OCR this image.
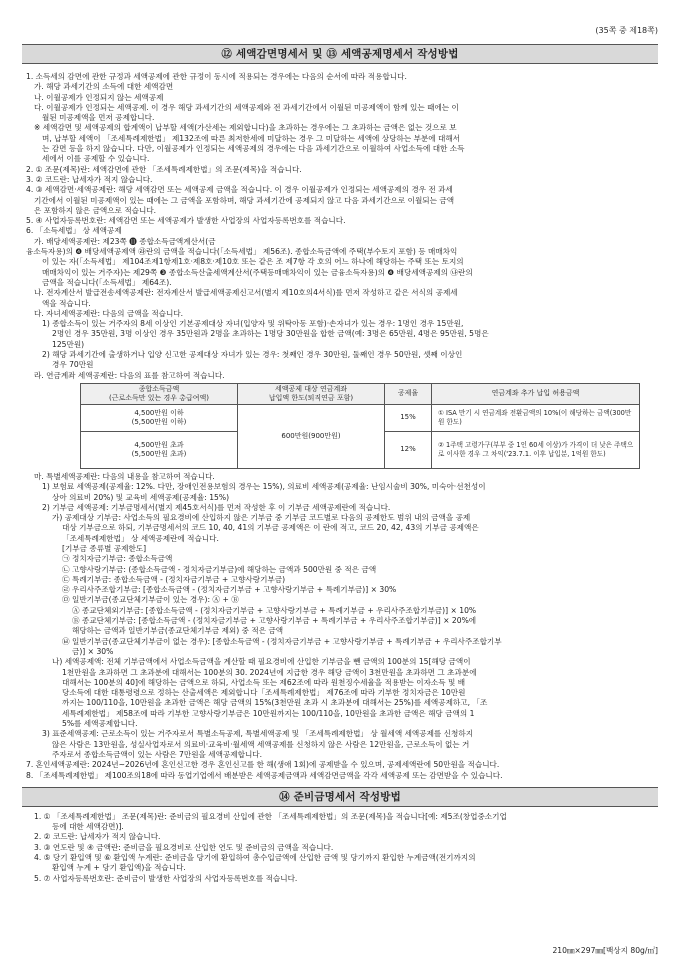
(35쪽 중 제18쪽)
⑫ 세액감면명세서 및 ⑬ 세액공제명세서 작성방법
1. 소득세의 감면에 관한 규정과 세액공제에 관한 규정이 동시에 적용되는 경우에는 다음의 순서에 따라 적용합니다.
가. 해당 과세기간의 소득에 대한 세액감면
나. 이월공제가 인정되지 않는 세액공제
다. 이월공제가 인정되는 세액공제. 이 경우 해당 과세기간의 세액공제와 전 과세기간에서 이월된 미공제액이 함께 있는 때에는 이
월된 미공제액을 먼저 공제합니다.
※ 세액감면 및 세액공제의 합계액이 납부할 세액(가산세는 제외합니다)을 초과하는 경우에는 그 초과하는 금액은 없는 것으로 보
며, 납부할 세액이 「조세특례제한법」 제132조에 따른 최저한세에 미달하는 경우 그 미달하는 세액에 상당하는 부분에 대해서
는 감면 등을 하지 않습니다. 다만, 이월공제가 인정되는 세액공제의 경우에는 다음 과세기간으로 이월하여 사업소득에 대한 소득
세에서 이를 공제할 수 있습니다.
2. ① 조문(제목)란: 세액감면에 관한 「조세특례제한법」의 조문(제목)을 적습니다.
3. ② 코드란: 납세자가 적지 않습니다.
4. ③ 세액감면·세액공제란: 해당 세액감면 또는 세액공제 금액을 적습니다. 이 경우 이월공제가 인정되는 세액공제의 경우 전 과세
기간에서 이월된 미공제액이 있는 때에는 그 금액을 포함하며, 해당 과세기간에 공제되지 않고 다음 과세기간으로 이월되는 금액
은 포함하지 않은 금액으로 적습니다.
5. ④ 사업자등록번호란: 세액감면 또는 세액공제가 발생한 사업장의 사업자등록번호를 적습니다.
6. 「소득세법」 상 세액공제
가. 배당세액공제란: 제23쪽 ⓫ 종합소득금액계산서(금
융소득자용)의 ❹ 배당세액공제액 ㉱란의 금액을 적습니다(「소득세법」 제56조). 종합소득금액에 주택(부수토지 포함) 등 매매차익
이 있는 자(「소득세법」 제104조제1항제1호·제8호·제10호 또는 같은 조 제7항 각 호의 어느 하나에 해당하는 주택 또는 토지의
매매차익이 있는 거주자)는 제29쪽 ❸ 종합소득산출세액계산서(주택등매매차익이 있는 금융소득자용)의 ❹ 배당세액공제의 ㉯란의
금액을 적습니다(「소득세법」 제64조).
나. 전자계산서 발급전송세액공제란: 전자계산서 발급세액공제신고서(별지 제10호의4서식)를 먼저 작성하고 같은 서식의 공제세
액을 적습니다.
다. 자녀세액공제란: 다음의 금액을 적습니다.
1) 종합소득이 있는 거주자의 8세 이상인 기본공제대상 자녀(입양자 및 위탁아동 포함)·손자녀가 있는 경우: 1명인 경우 15만원,
2명인 경우 35만원, 3명 이상인 경우 35만원과 2명을 초과하는 1명당 30만원을 합한 금액(예: 3명은 65만원, 4명은 95만원, 5명은
125만원)
2) 해당 과세기간에 출생하거나 입양 신고한 공제대상 자녀가 있는 경우: 첫째인 경우 30만원, 둘째인 경우 50만원, 셋째 이상인
경우 70만원
라. 연금계좌 세액공제란: 다음의 표를 참고하여 적습니다.
종합소득금액
(근로소득만 있는 경우 총급여액)	세액공제 대상 연금계좌
납입액 한도(퇴직연금 포함)	공제율	연금계좌 추가 납입 허용금액
4,500만원 이하
(5,500만원 이하)	600만원(900만원)	15%	① ISA 만기 시 연금계좌 전환금액의 10%(이 해당하는 금액(300만원 한도)
4,500만원 초과
(5,500만원 초과)		12%	② 1주택 고령가구(부부 중 1인 60세 이상)가 가격이 더 낮은 주택으로 이사한 경우 그 차익('23.7.1. 이후 납입분, 1억원 한도)
마. 특별세액공제란: 다음의 내용을 참고하여 적습니다.
1) 보험료 세액공제(공제율: 12%. 다만, 장애인전용보험의 경우는 15%), 의료비 세액공제(공제율: 난임시술비 30%, 미숙아·선천성이
상아 의료비 20%) 및 교육비 세액공제(공제율: 15%)
2) 기부금 세액공제: 기부금명세서(별지 제45호서식)를 먼저 작성한 후 이 기부금 세액공제란에 적습니다.
가) 공제대상 기부금: 사업소득의 필요경비에 산입하지 않은 기부금 중 기부금 코드별로 다음의 공제한도 범위 내의 금액을 공제
대상 기부금으로 하되, 기부금명세서의 코드 10, 40, 41의 기부금 공제액은 이 란에 적고, 코드 20, 42, 43의 기부금 공제액은
「조세특례제한법」 상 세액공제란에 적습니다.
[기부금 종류별 공제한도]
㉠ 정치자금기부금: 종합소득금액
㉡ 고향사랑기부금: (종합소득금액 - 정치자금기부금)에 해당하는 금액과 500만원 중 적은 금액
㉢ 특례기부금: 종합소득금액 - (정치자금기부금 + 고향사랑기부금)
㉣ 우리사주조합기부금: [종합소득금액 - (정치자금기부금 + 고향사랑기부금 + 특례기부금)] × 30%
㉤ 일반기부금(종교단체기부금이 있는 경우): Ⓐ + Ⓑ
Ⓐ 종교단체외기부금: [종합소득금액 - (정치자금기부금 + 고향사랑기부금 + 특례기부금 + 우리사주조합기부금)] × 10%
Ⓑ 종교단체기부금: [종합소득금액 - (정치자금기부금 + 고향사랑기부금 + 특례기부금 + 우리사주조합기부금)] × 20%에
해당하는 금액과 일반기부금(종교단체기부금 제외) 중 적은 금액
㉥ 일반기부금(종교단체기부금이 없는 경우): [종합소득금액 - (정치자금기부금 + 고향사랑기부금 + 특례기부금 + 우리사주조합기부
금)] × 30%
나) 세액공제액: 전체 기부금액에서 사업소득금액을 계산할 때 필요경비에 산입한 기부금을 뺀 금액의 100분의 15[해당 금액이
1천만원을 초과하면 그 초과분에 대해서는 100분의 30. 2024년에 지급한 경우 해당 금액이 3천만원을 초과하면 그 초과분에
대해서는 100분의 40]에 해당하는 금액으로 하되, 사업소득 또는 제62조에 따라 원천징수세율을 적용받는 이자소득 및 배
당소득에 대한 대통령령으로 정하는 산출세액은 제외합니다「조세특례제한법」 제76조에 따라 기부한 정치자금은 10만원
까지는 100/110을, 10만원을 초과한 금액은 해당 금액의 15%(3천만원 초과 시 초과분에 대해서는 25%)를 세액공제하고, 「조
세특례제한법」 제58조에 따라 기부한 고향사랑기부금은 10만원까지는 100/110을, 10만원을 초과한 금액은 해당 금액의 1
5%를 세액공제합니다.
3) 표준세액공제: 근로소득이 있는 거주자로서 특별소득공제, 특별세액공제 및 「조세특례제한법」 상 월세액 세액공제를 신청하지
않은 사람은 13만원을, 성실사업자로서 의료비·교육비·월세액 세액공제를 신청하지 않은 사람은 12만원을, 근로소득이 없는 거
주자로서 종합소득금액이 있는 사람은 7만원을 세액공제합니다.
7. 혼인세액공제란: 2024년~2026년에 혼인신고한 경우 혼인신고를 한 해(생애 1회)에 공제받을 수 있으며, 공제세액란에 50만원을 적습니다.
8. 「조세특례제한법」 제100조의18에 따라 동업기업에서 배분받은 세액공제금액과 세액감면금액을 각각 세액공제 또는 감면받을 수 있습니다.
⑭ 준비금명세서 작성방법
1. ① 「조세특례제한법」 조문(제목)란: 준비금의 필요경비 산입에 관한 「조세특례제한법」의 조문(제목)을 적습니다[예: 제5조(창업중소기업
등에 대한 세액감면)].
2. ② 코드란: 납세자가 적지 않습니다.
3. ③ 연도란 및 ④ 금액란: 준비금을 필요경비로 산입한 연도 및 준비금의 금액을 적습니다.
4. ⑤ 당기 환입액 및 ⑥ 환입액 누계란: 준비금을 당기에 환입하여 총수입금액에 산입한 금액 및 당기까지 환입한 누계금액(전기까지의
환입액 누계 + 당기 환입액)을 적습니다.
5. ⑦ 사업자등록번호란: 준비금이 발생한 사업장의 사업자등록번호를 적습니다.
210㎜×297㎜[백상지 80g/㎡]
